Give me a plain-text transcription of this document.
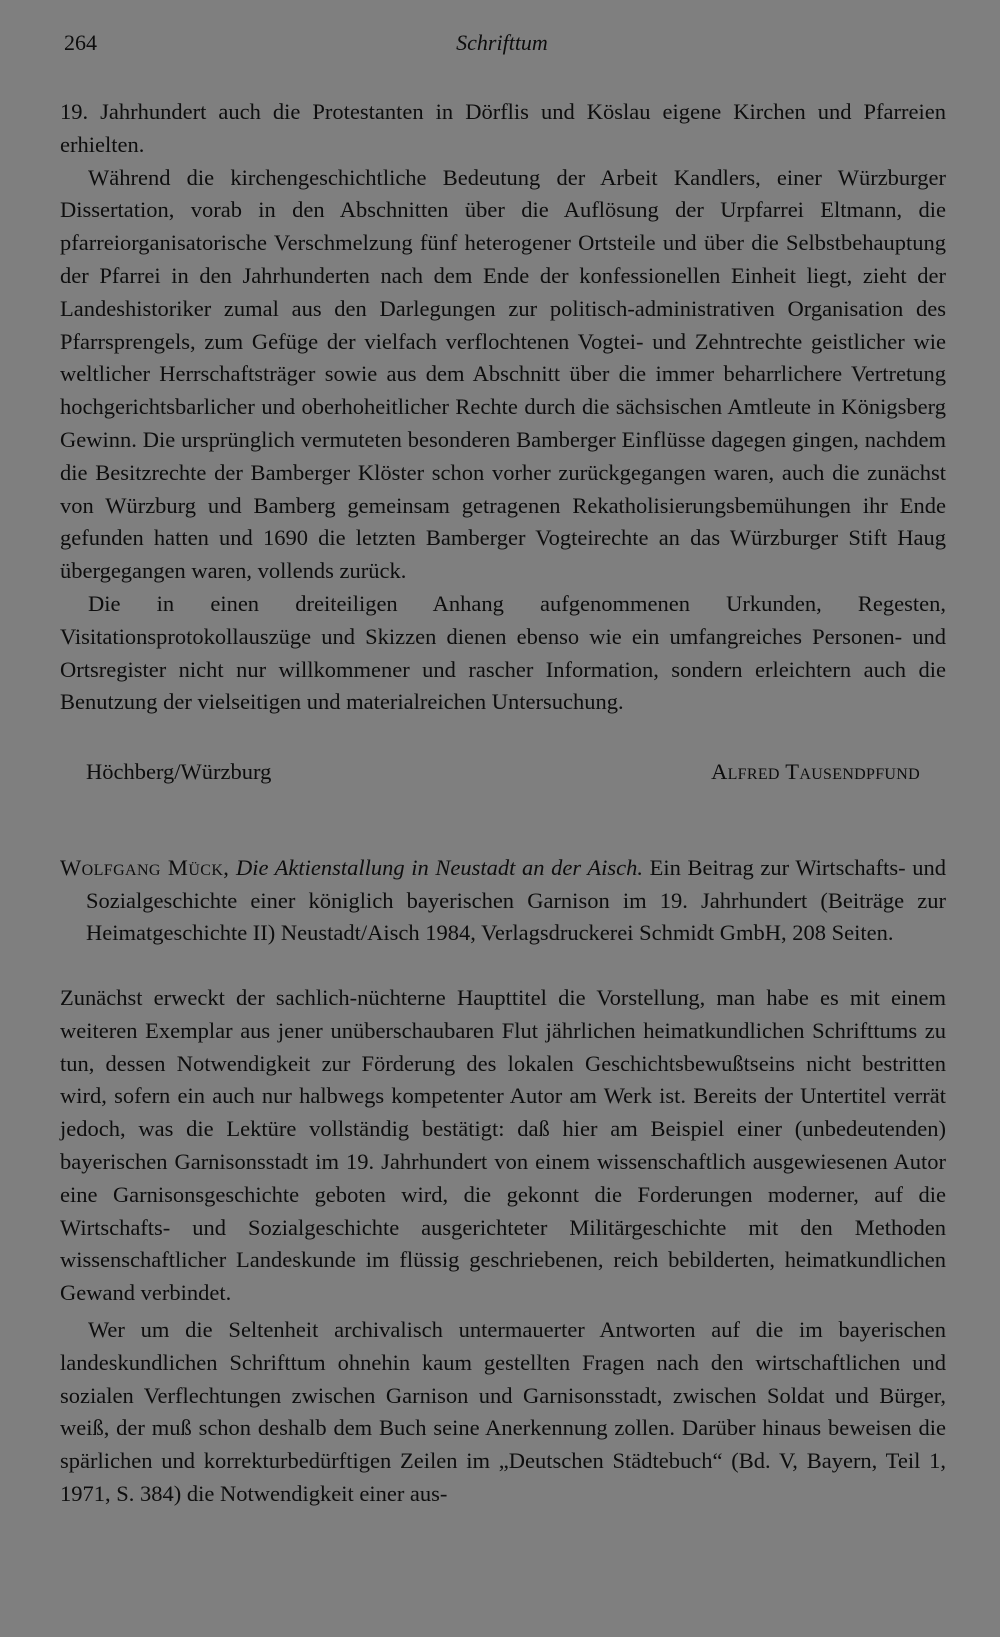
264	Schrifttum

19. Jahrhundert auch die Protestanten in Dörflis und Köslau eigene Kirchen und Pfarreien erhielten.

Während die kirchengeschichtliche Bedeutung der Arbeit Kandlers, einer Würzburger Dissertation, vorab in den Abschnitten über die Auflösung der Urpfarrei Eltmann, die pfarreiorganisatorische Verschmelzung fünf heterogener Ortsteile und über die Selbstbehauptung der Pfarrei in den Jahrhunderten nach dem Ende der konfessionellen Einheit liegt, zieht der Landeshistoriker zumal aus den Darlegungen zur politisch-administrativen Organisation des Pfarrsprengels, zum Gefüge der vielfach verflochtenen Vogtei- und Zehntrechte geistlicher wie weltlicher Herrschaftsträger sowie aus dem Abschnitt über die immer beharrlichere Vertretung hochgerichtsbarlicher und oberhoheitlicher Rechte durch die sächsischen Amtleute in Königsberg Gewinn. Die ursprünglich vermuteten besonderen Bamberger Einflüsse dagegen gingen, nachdem die Besitzrechte der Bamberger Klöster schon vorher zurückgegangen waren, auch die zunächst von Würzburg und Bamberg gemeinsam getragenen Rekatholisierungsbemühungen ihr Ende gefunden hatten und 1690 die letzten Bamberger Vogteirechte an das Würzburger Stift Haug übergegangen waren, vollends zurück.

Die in einen dreiteiligen Anhang aufgenommenen Urkunden, Regesten, Visitationsprotokollauszüge und Skizzen dienen ebenso wie ein umfangreiches Personen- und Ortsregister nicht nur willkommener und rascher Information, sondern erleichtern auch die Benutzung der vielseitigen und materialreichen Untersuchung.

Höchberg/Würzburg	Alfred Tausendpfund

Wolfgang Mück, Die Aktienstallung in Neustadt an der Aisch. Ein Beitrag zur Wirtschafts- und Sozialgeschichte einer königlich bayerischen Garnison im 19. Jahrhundert (Beiträge zur Heimatgeschichte II) Neustadt/Aisch 1984, Verlagsdruckerei Schmidt GmbH, 208 Seiten.

Zunächst erweckt der sachlich-nüchterne Haupttitel die Vorstellung, man habe es mit einem weiteren Exemplar aus jener unüberschaubaren Flut jährlichen heimatkundlichen Schrifttums zu tun, dessen Notwendigkeit zur Förderung des lokalen Geschichtsbewußtseins nicht bestritten wird, sofern ein auch nur halbwegs kompetenter Autor am Werk ist. Bereits der Untertitel verrät jedoch, was die Lektüre vollständig bestätigt: daß hier am Beispiel einer (unbedeutenden) bayerischen Garnisonsstadt im 19. Jahrhundert von einem wissenschaftlich ausgewiesenen Autor eine Garnisonsgeschichte geboten wird, die gekonnt die Forderungen moderner, auf die Wirtschafts- und Sozialgeschichte ausgerichteter Militärgeschichte mit den Methoden wissenschaftlicher Landeskunde im flüssig geschriebenen, reich bebilderten, heimatkundlichen Gewand verbindet.

Wer um die Seltenheit archivalisch untermauerter Antworten auf die im bayerischen landeskundlichen Schrifttum ohnehin kaum gestellten Fragen nach den wirtschaftlichen und sozialen Verflechtungen zwischen Garnison und Garnisonsstadt, zwischen Soldat und Bürger, weiß, der muß schon deshalb dem Buch seine Anerkennung zollen. Darüber hinaus beweisen die spärlichen und korrekturbedürftigen Zeilen im „Deutschen Städtebuch“ (Bd. V, Bayern, Teil 1, 1971, S. 384) die Notwendigkeit einer aus-
